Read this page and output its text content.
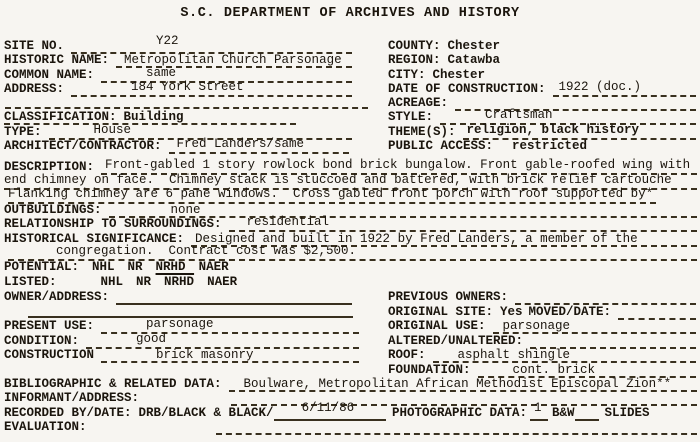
S.C. DEPARTMENT OF ARCHIVES AND HISTORY
SITE NO.	Y22
HISTORIC NAME:	Metropolitan Church Parsonage
COMMON NAME:	same
ADDRESS:	184 York Street
CLASSIFICATION: Building
TYPE:	House
ARCHITECT/CONTRACTOR:	Fred Landers/same
COUNTY: Chester
REGION: Catawba
CITY: Chester
DATE OF CONSTRUCTION:	1922 (doc.)
ACREAGE:
STYLE:	Craftsman
THEME(S): religion, black history
PUBLIC ACCESS: restricted
DESCRIPTION: Front-gabled 1 story rowlock bond brick bungalow. Front gable-roofed wing with
end chimney on face.  Chimney stack is stuccoed and battered, with brick relief cartouche
Flanking chimney are 6 pane windows.  Cross gabled front porch with roof supported by*
OUTBUILDINGS:	none
RELATIONSHIP TO SURROUNDINGS:	residential
HISTORICAL SIGNIFICANCE: Designed and built in 1922 by Fred Landers, a member of the
congregation.  Contract cost was $2,500.
POTENTIAL: NHL NR NRHD NAER
LISTED:	NHL NR NRHD NAER
OWNER/ADDRESS:	PREVIOUS OWNERS:
ORIGINAL SITE: Yes MOVED/DATE:
PRESENT USE:	parsonage	ORIGINAL USE:	parsonage
CONDITION:	good	ALTERED/UNALTERED:
CONSTRUCTION	brick masonry	ROOF:	asphalt shingle
FOUNDATION:	cont. brick
BIBLIOGRAPHIC & RELATED DATA:	Boulware, Metropolitan African Methodist Episcopal Zion**
INFORMANT/ADDRESS:
RECORDED BY/DATE: DRB/BLACK & BLACK/	6/11/86	PHOTOGRAPHIC DATA: 1 B&W SLIDES
EVALUATION:
